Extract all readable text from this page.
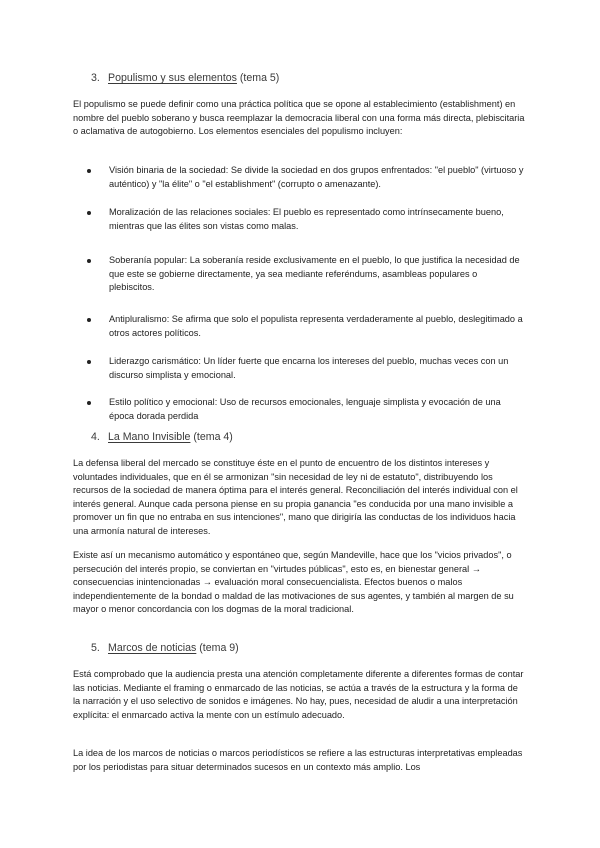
3. Populismo y sus elementos (tema 5)

El populismo se puede definir como una práctica política que se opone al establecimiento (establishment) en nombre del pueblo soberano y busca reemplazar la democracia liberal con una forma más directa, plebiscitaria o aclamativa de autogobierno. Los elementos esenciales del populismo incluyen:

Visión binaria de la sociedad: Se divide la sociedad en dos grupos enfrentados: "el pueblo" (virtuoso y auténtico) y "la élite" o "el establishment" (corrupto o amenazante).
Moralización de las relaciones sociales: El pueblo es representado como intrínsecamente bueno, mientras que las élites son vistas como malas.
Soberanía popular: La soberanía reside exclusivamente en el pueblo, lo que justifica la necesidad de que este se gobierne directamente, ya sea mediante referéndums, asambleas populares o plebiscitos.
Antipluralismo: Se afirma que solo el populista representa verdaderamente al pueblo, deslegitimado a otros actores políticos.
Liderazgo carismático: Un líder fuerte que encarna los intereses del pueblo, muchas veces con un discurso simplista y emocional.
Estilo político y emocional: Uso de recursos emocionales, lenguaje simplista y evocación de una época dorada perdida
4. La Mano Invisible (tema 4)

La defensa liberal del mercado se constituye éste en el punto de encuentro de los distintos intereses y voluntades individuales, que en él se armonizan "sin necesidad de ley ni de estatuto", distribuyendo los recursos de la sociedad de manera óptima para el interés general. Reconciliación del interés individual con el interés general. Aunque cada persona piense en su propia ganancia "es conducida por una mano invisible a promover un fin que no entraba en sus intenciones", mano que dirigiría las conductas de los individuos hacia una armonía natural de intereses.

Existe así un mecanismo automático y espontáneo que, según Mandeville, hace que los "vicios privados", o persecución del interés propio, se conviertan en "virtudes públicas", esto es, en bienestar general → consecuencias inintencionadas → evaluación moral consecuencialista. Efectos buenos o malos independientemente de la bondad o maldad de las motivaciones de sus agentes, y también al margen de su mayor o menor concordancia con los dogmas de la moral tradicional.

5. Marcos de noticias (tema 9)

Está comprobado que la audiencia presta una atención completamente diferente a diferentes formas de contar las noticias. Mediante el framing o enmarcado de las noticias, se actúa a través de la estructura y la forma de la narración y el uso selectivo de sonidos e imágenes. No hay, pues, necesidad de aludir a una interpretación explícita: el enmarcado activa la mente con un estímulo adecuado.

La idea de los marcos de noticias o marcos periodísticos se refiere a las estructuras interpretativas empleadas por los periodistas para situar determinados sucesos en un contexto más amplio. Los
